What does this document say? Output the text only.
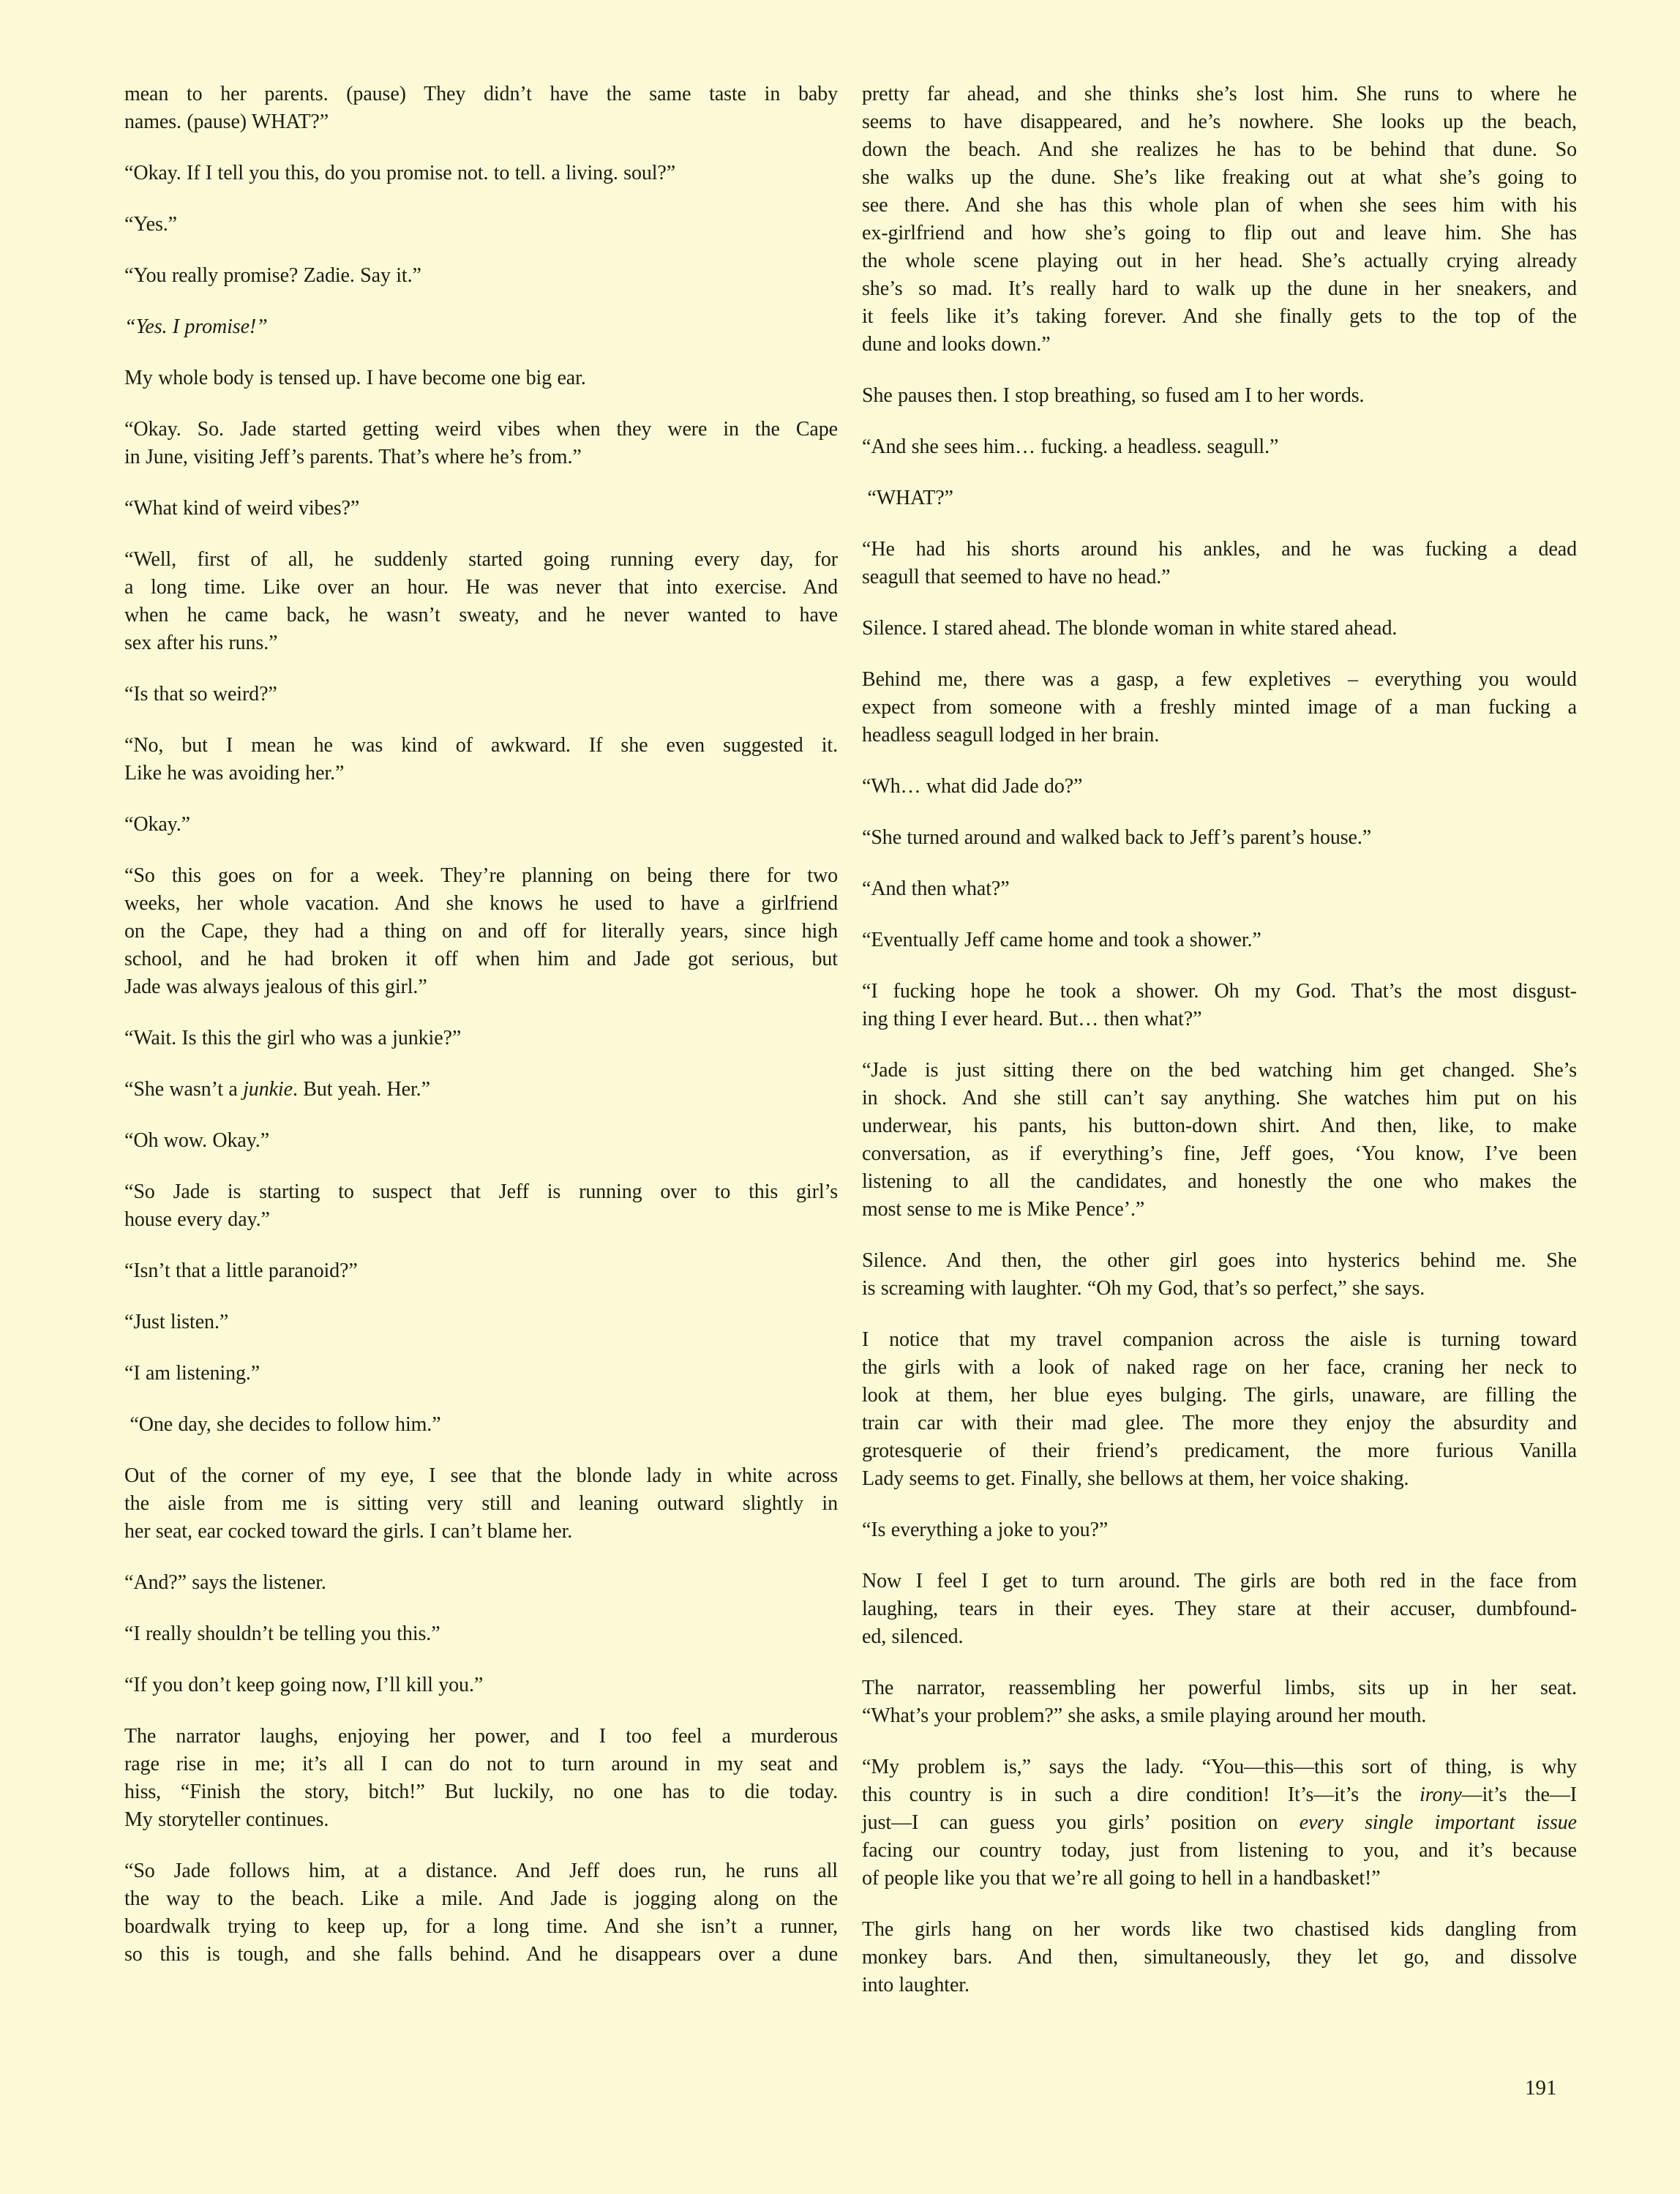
mean to her parents. (pause) They didn’t have the same taste in baby
names. (pause) WHAT?”
“Okay. If I tell you this, do you promise not. to tell. a living. soul?”
“Yes.”
“You really promise? Zadie. Say it.”
“Yes. I promise!”
My whole body is tensed up. I have become one big ear.
“Okay. So. Jade started getting weird vibes when they were in the Cape
in June, visiting Jeff’s parents. That’s where he’s from.”
“What kind of weird vibes?”
“Well, first of all, he suddenly started going running every day, for
a long time. Like over an hour. He was never that into exercise. And
when he came back, he wasn’t sweaty, and he never wanted to have
sex after his runs.”
“Is that so weird?”
“No, but I mean he was kind of awkward. If she even suggested it.
Like he was avoiding her.”
“Okay.”
“So this goes on for a week. They’re planning on being there for two
weeks, her whole vacation. And she knows he used to have a girlfriend
on the Cape, they had a thing on and off for literally years, since high
school, and he had broken it off when him and Jade got serious, but
Jade was always jealous of this girl.”
“Wait. Is this the girl who was a junkie?”
“She wasn’t a junkie. But yeah. Her.”
“Oh wow. Okay.”
“So Jade is starting to suspect that Jeff is running over to this girl’s
house every day.”
“Isn’t that a little paranoid?”
“Just listen.”
“I am listening.”
“One day, she decides to follow him.”
Out of the corner of my eye, I see that the blonde lady in white across
the aisle from me is sitting very still and leaning outward slightly in
her seat, ear cocked toward the girls. I can’t blame her.
“And?” says the listener.
“I really shouldn’t be telling you this.”
“If you don’t keep going now, I’ll kill you.”
The narrator laughs, enjoying her power, and I too feel a murderous
rage rise in me; it’s all I can do not to turn around in my seat and
hiss, “Finish the story, bitch!” But luckily, no one has to die today.
My storyteller continues.
“So Jade follows him, at a distance. And Jeff does run, he runs all
the way to the beach. Like a mile. And Jade is jogging along on the
boardwalk trying to keep up, for a long time. And she isn’t a runner,
so this is tough, and she falls behind. And he disappears over a dune
pretty far ahead, and she thinks she’s lost him. She runs to where he
seems to have disappeared, and he’s nowhere. She looks up the beach,
down the beach. And she realizes he has to be behind that dune. So
she walks up the dune. She’s like freaking out at what she’s going to
see there. And she has this whole plan of when she sees him with his
ex-girlfriend and how she’s going to flip out and leave him. She has
the whole scene playing out in her head. She’s actually crying already
she’s so mad. It’s really hard to walk up the dune in her sneakers, and
it feels like it’s taking forever. And she finally gets to the top of the
dune and looks down.”
She pauses then. I stop breathing, so fused am I to her words.
“And she sees him… fucking. a headless. seagull.”
“WHAT?”
“He had his shorts around his ankles, and he was fucking a dead
seagull that seemed to have no head.”
Silence. I stared ahead. The blonde woman in white stared ahead.
Behind me, there was a gasp, a few expletives – everything you would
expect from someone with a freshly minted image of a man fucking a
headless seagull lodged in her brain.
“Wh… what did Jade do?”
“She turned around and walked back to Jeff’s parent’s house.”
“And then what?”
“Eventually Jeff came home and took a shower.”
“I fucking hope he took a shower. Oh my God. That’s the most disgust-
ing thing I ever heard. But… then what?”
“Jade is just sitting there on the bed watching him get changed. She’s
in shock. And she still can’t say anything. She watches him put on his
underwear, his pants, his button-down shirt. And then, like, to make
conversation, as if everything’s fine, Jeff goes, ‘You know, I’ve been
listening to all the candidates, and honestly the one who makes the
most sense to me is Mike Pence’.”
Silence. And then, the other girl goes into hysterics behind me. She
is screaming with laughter. “Oh my God, that’s so perfect,” she says.
I notice that my travel companion across the aisle is turning toward
the girls with a look of naked rage on her face, craning her neck to
look at them, her blue eyes bulging. The girls, unaware, are filling the
train car with their mad glee. The more they enjoy the absurdity and
grotesquerie of their friend’s predicament, the more furious Vanilla
Lady seems to get. Finally, she bellows at them, her voice shaking.
“Is everything a joke to you?”
Now I feel I get to turn around. The girls are both red in the face from
laughing, tears in their eyes. They stare at their accuser, dumbfound-
ed, silenced.
The narrator, reassembling her powerful limbs, sits up in her seat.
“What’s your problem?” she asks, a smile playing around her mouth.
“My problem is,” says the lady. “You—this—this sort of thing, is why
this country is in such a dire condition! It’s—it’s the irony—it’s the—I
just—I can guess you girls’ position on every single important issue
facing our country today, just from listening to you, and it’s because
of people like you that we’re all going to hell in a handbasket!”
The girls hang on her words like two chastised kids dangling from
monkey bars. And then, simultaneously, they let go, and dissolve
into laughter.
191
